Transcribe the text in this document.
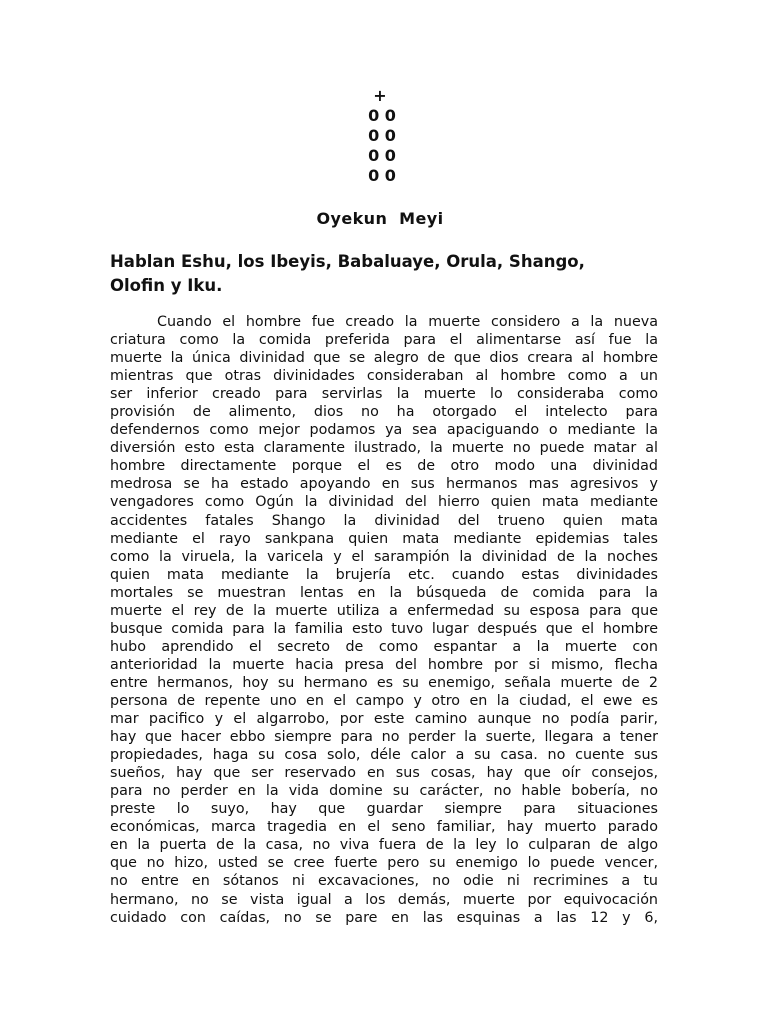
+
0 0
0 0
0 0
0 0
Oyekun  Meyi
Hablan Eshu, los Ibeyis, Babaluaye, Orula, Shango,
Olofin y Iku.
Cuando el hombre fue creado la muerte considero a la nueva
criatura como la comida preferida para el alimentarse así fue la
muerte la única divinidad que se alegro de que dios creara al hombre
mientras que otras divinidades consideraban al hombre como a un
ser inferior creado para servirlas la muerte lo consideraba como
provisión de alimento, dios no ha otorgado el intelecto para
defendernos como mejor podamos ya sea apaciguando o mediante la
diversión esto esta claramente ilustrado, la muerte no puede matar al
hombre directamente porque el es de otro modo una divinidad
medrosa se ha estado apoyando en sus hermanos mas agresivos y
vengadores como Ogún la divinidad del hierro quien mata mediante
accidentes fatales Shango la divinidad del trueno quien mata
mediante el rayo sankpana quien mata mediante epidemias tales
como la viruela, la varicela y el sarampión la divinidad de la noches
quien mata mediante la brujería etc. cuando estas divinidades
mortales se muestran lentas en la búsqueda de comida para la
muerte el rey de la muerte utiliza a enfermedad su esposa para que
busque comida para la familia esto tuvo lugar después que el hombre
hubo aprendido el secreto de como espantar a la muerte con
anterioridad la muerte hacia presa del hombre por si mismo, flecha
entre hermanos, hoy su hermano es su enemigo, señala muerte de 2
persona de repente uno en el campo y otro en la ciudad, el ewe es
mar pacifico y el algarrobo, por este camino aunque no podía parir,
hay que hacer ebbo siempre para no perder la suerte, llegara a tener
propiedades, haga su cosa solo, déle calor a su casa. no cuente sus
sueños, hay que ser reservado en sus cosas, hay que oír consejos,
para no perder en la vida domine su carácter, no hable bobería, no
preste lo suyo, hay que guardar siempre para situaciones
económicas, marca tragedia en el seno familiar, hay muerto parado
en la puerta de la casa, no viva fuera de la ley lo culparan de algo
que no hizo, usted se cree fuerte pero su enemigo lo puede vencer,
no entre en sótanos ni excavaciones, no odie ni recrimines a tu
hermano, no se vista igual a los demás, muerte por equivocación
cuidado con caídas, no se pare en las esquinas a las 12 y 6,
